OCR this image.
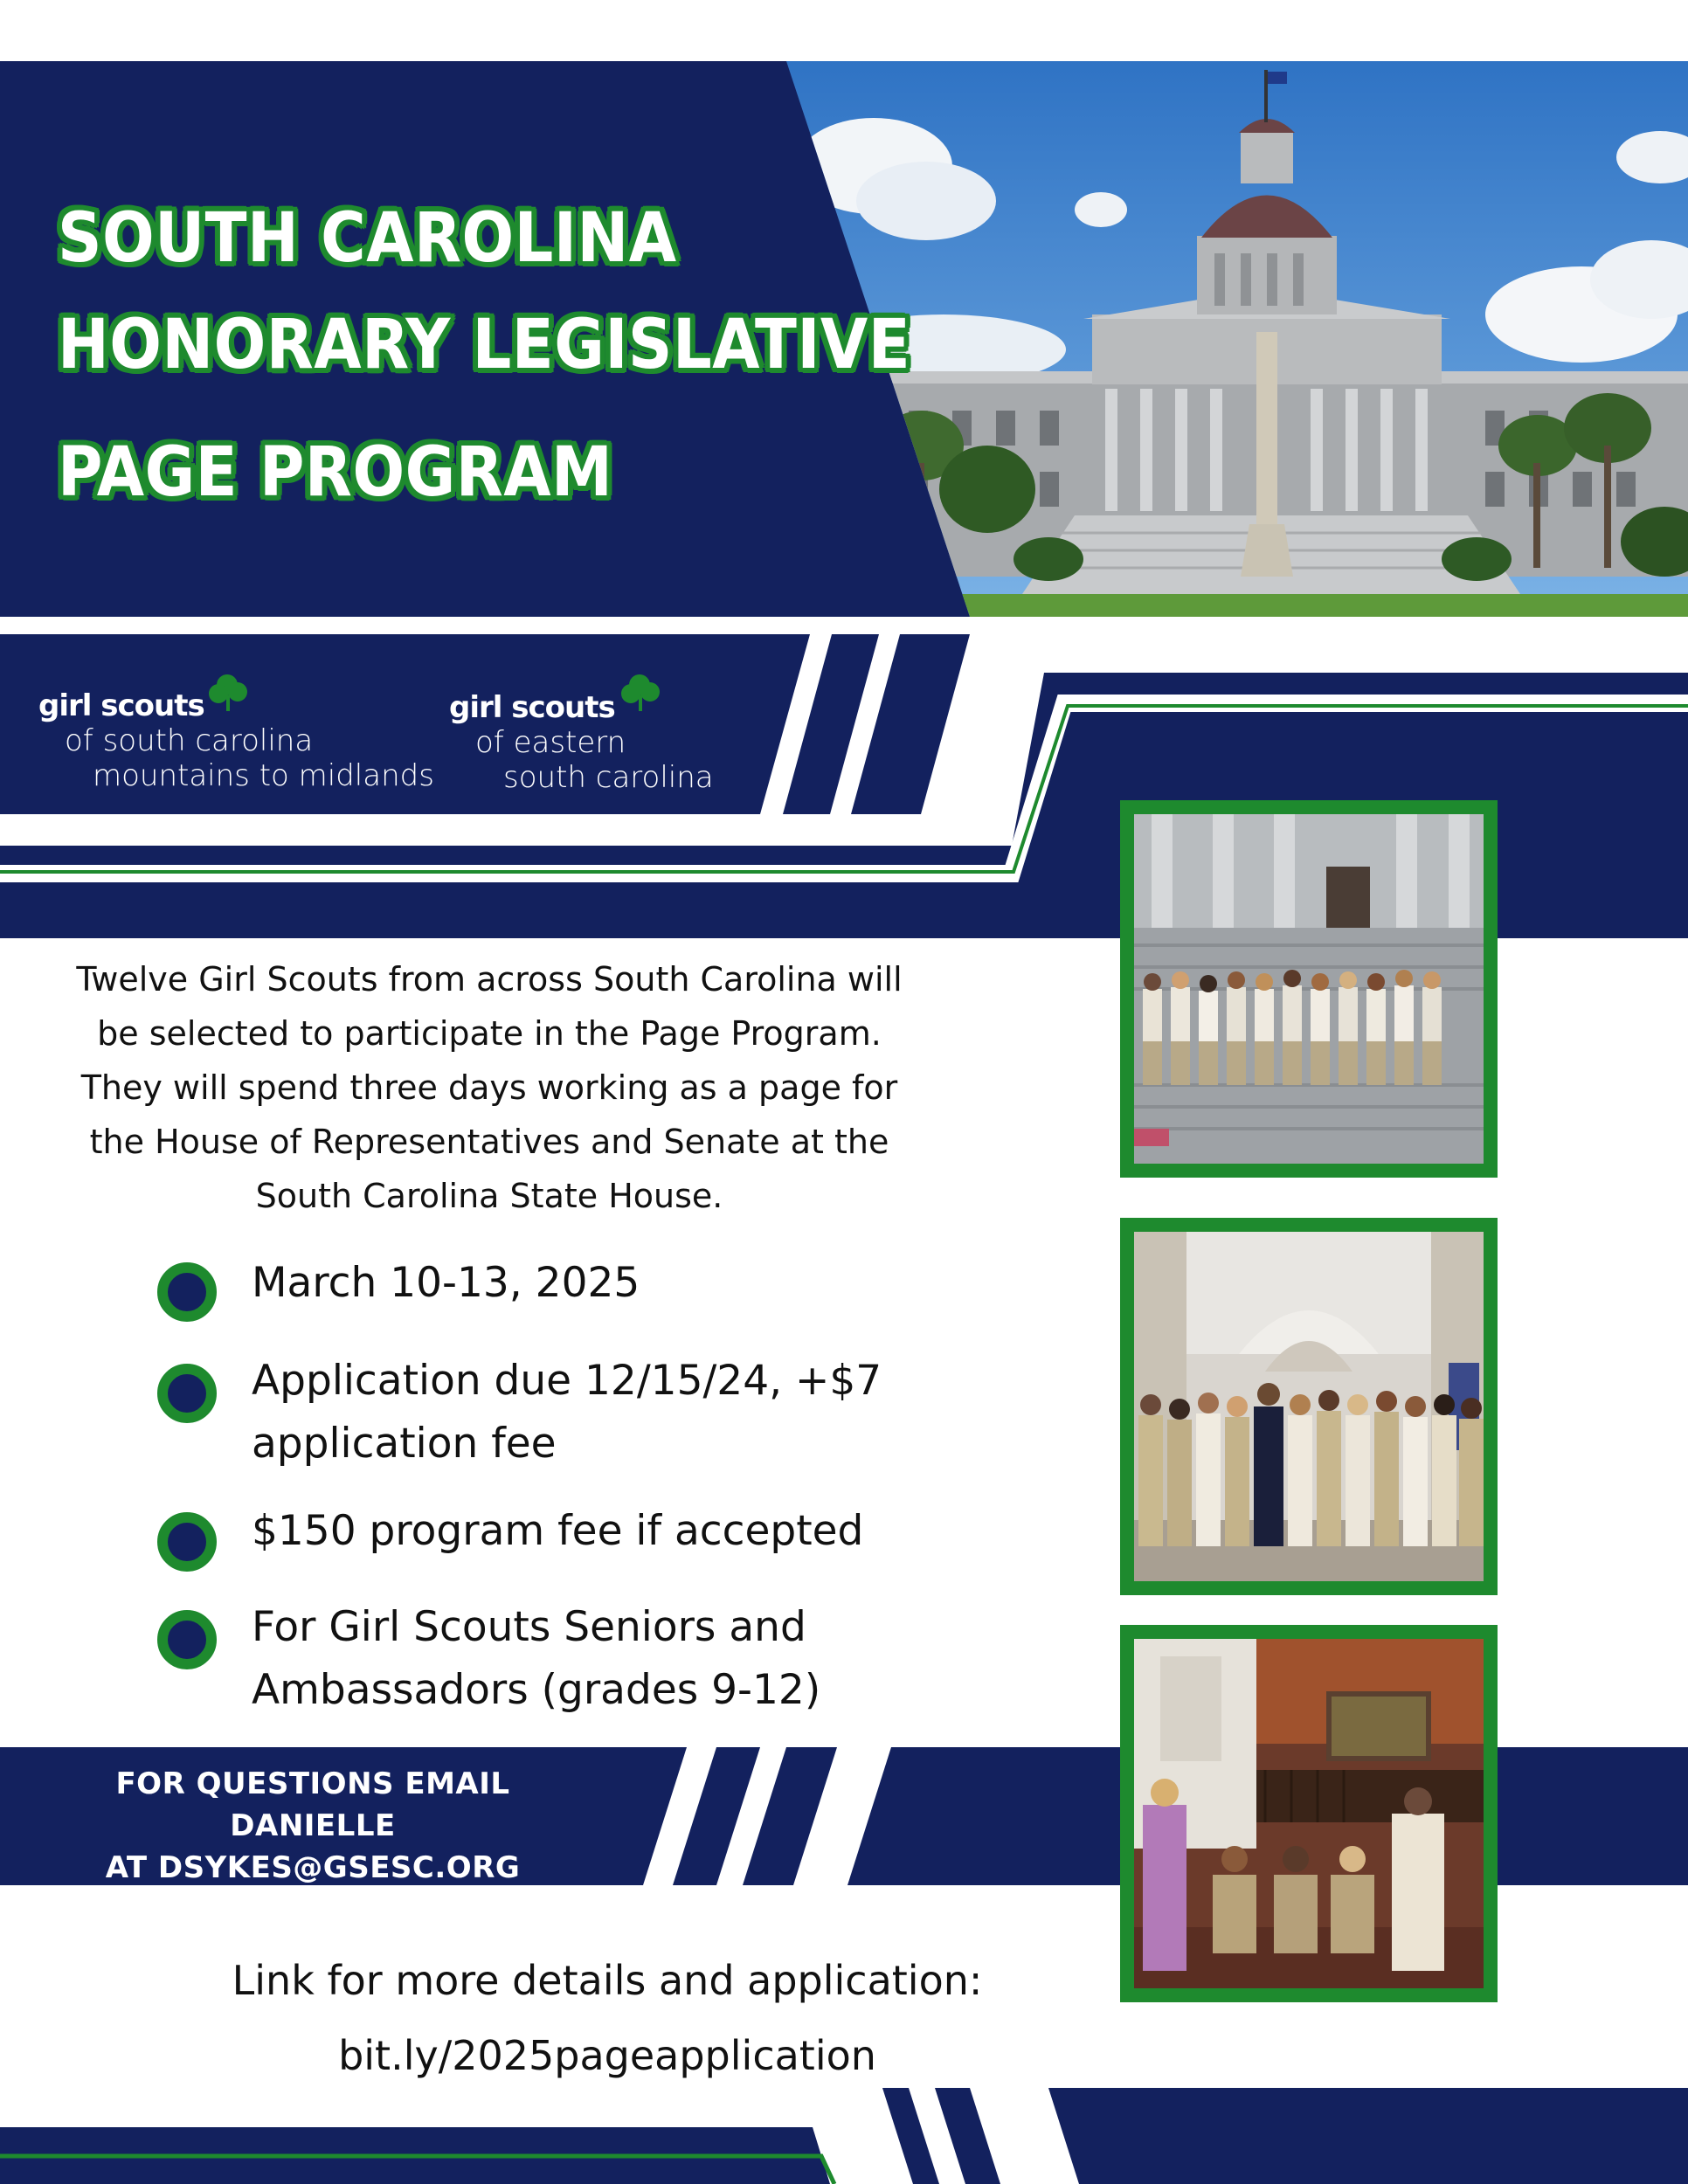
SOUTH CAROLINA
HONORARY LEGISLATIVE
PAGE PROGRAM
girl scouts
of south carolina
mountains to midlands
girl scouts
of eastern
south carolina
Twelve Girl Scouts from across South Carolina will be selected to participate in the Page Program. They will spend three days working as a page for the House of Representatives and Senate at the South Carolina State House.
March 10-13, 2025
Application due 12/15/24, +$7
application fee
$150 program fee if accepted
For Girl Scouts Seniors and
Ambassadors (grades 9-12)
FOR QUESTIONS EMAIL DANIELLE
AT DSYKES@GSESC.ORG
Link for more details and application:
bit.ly/2025pageapplication
